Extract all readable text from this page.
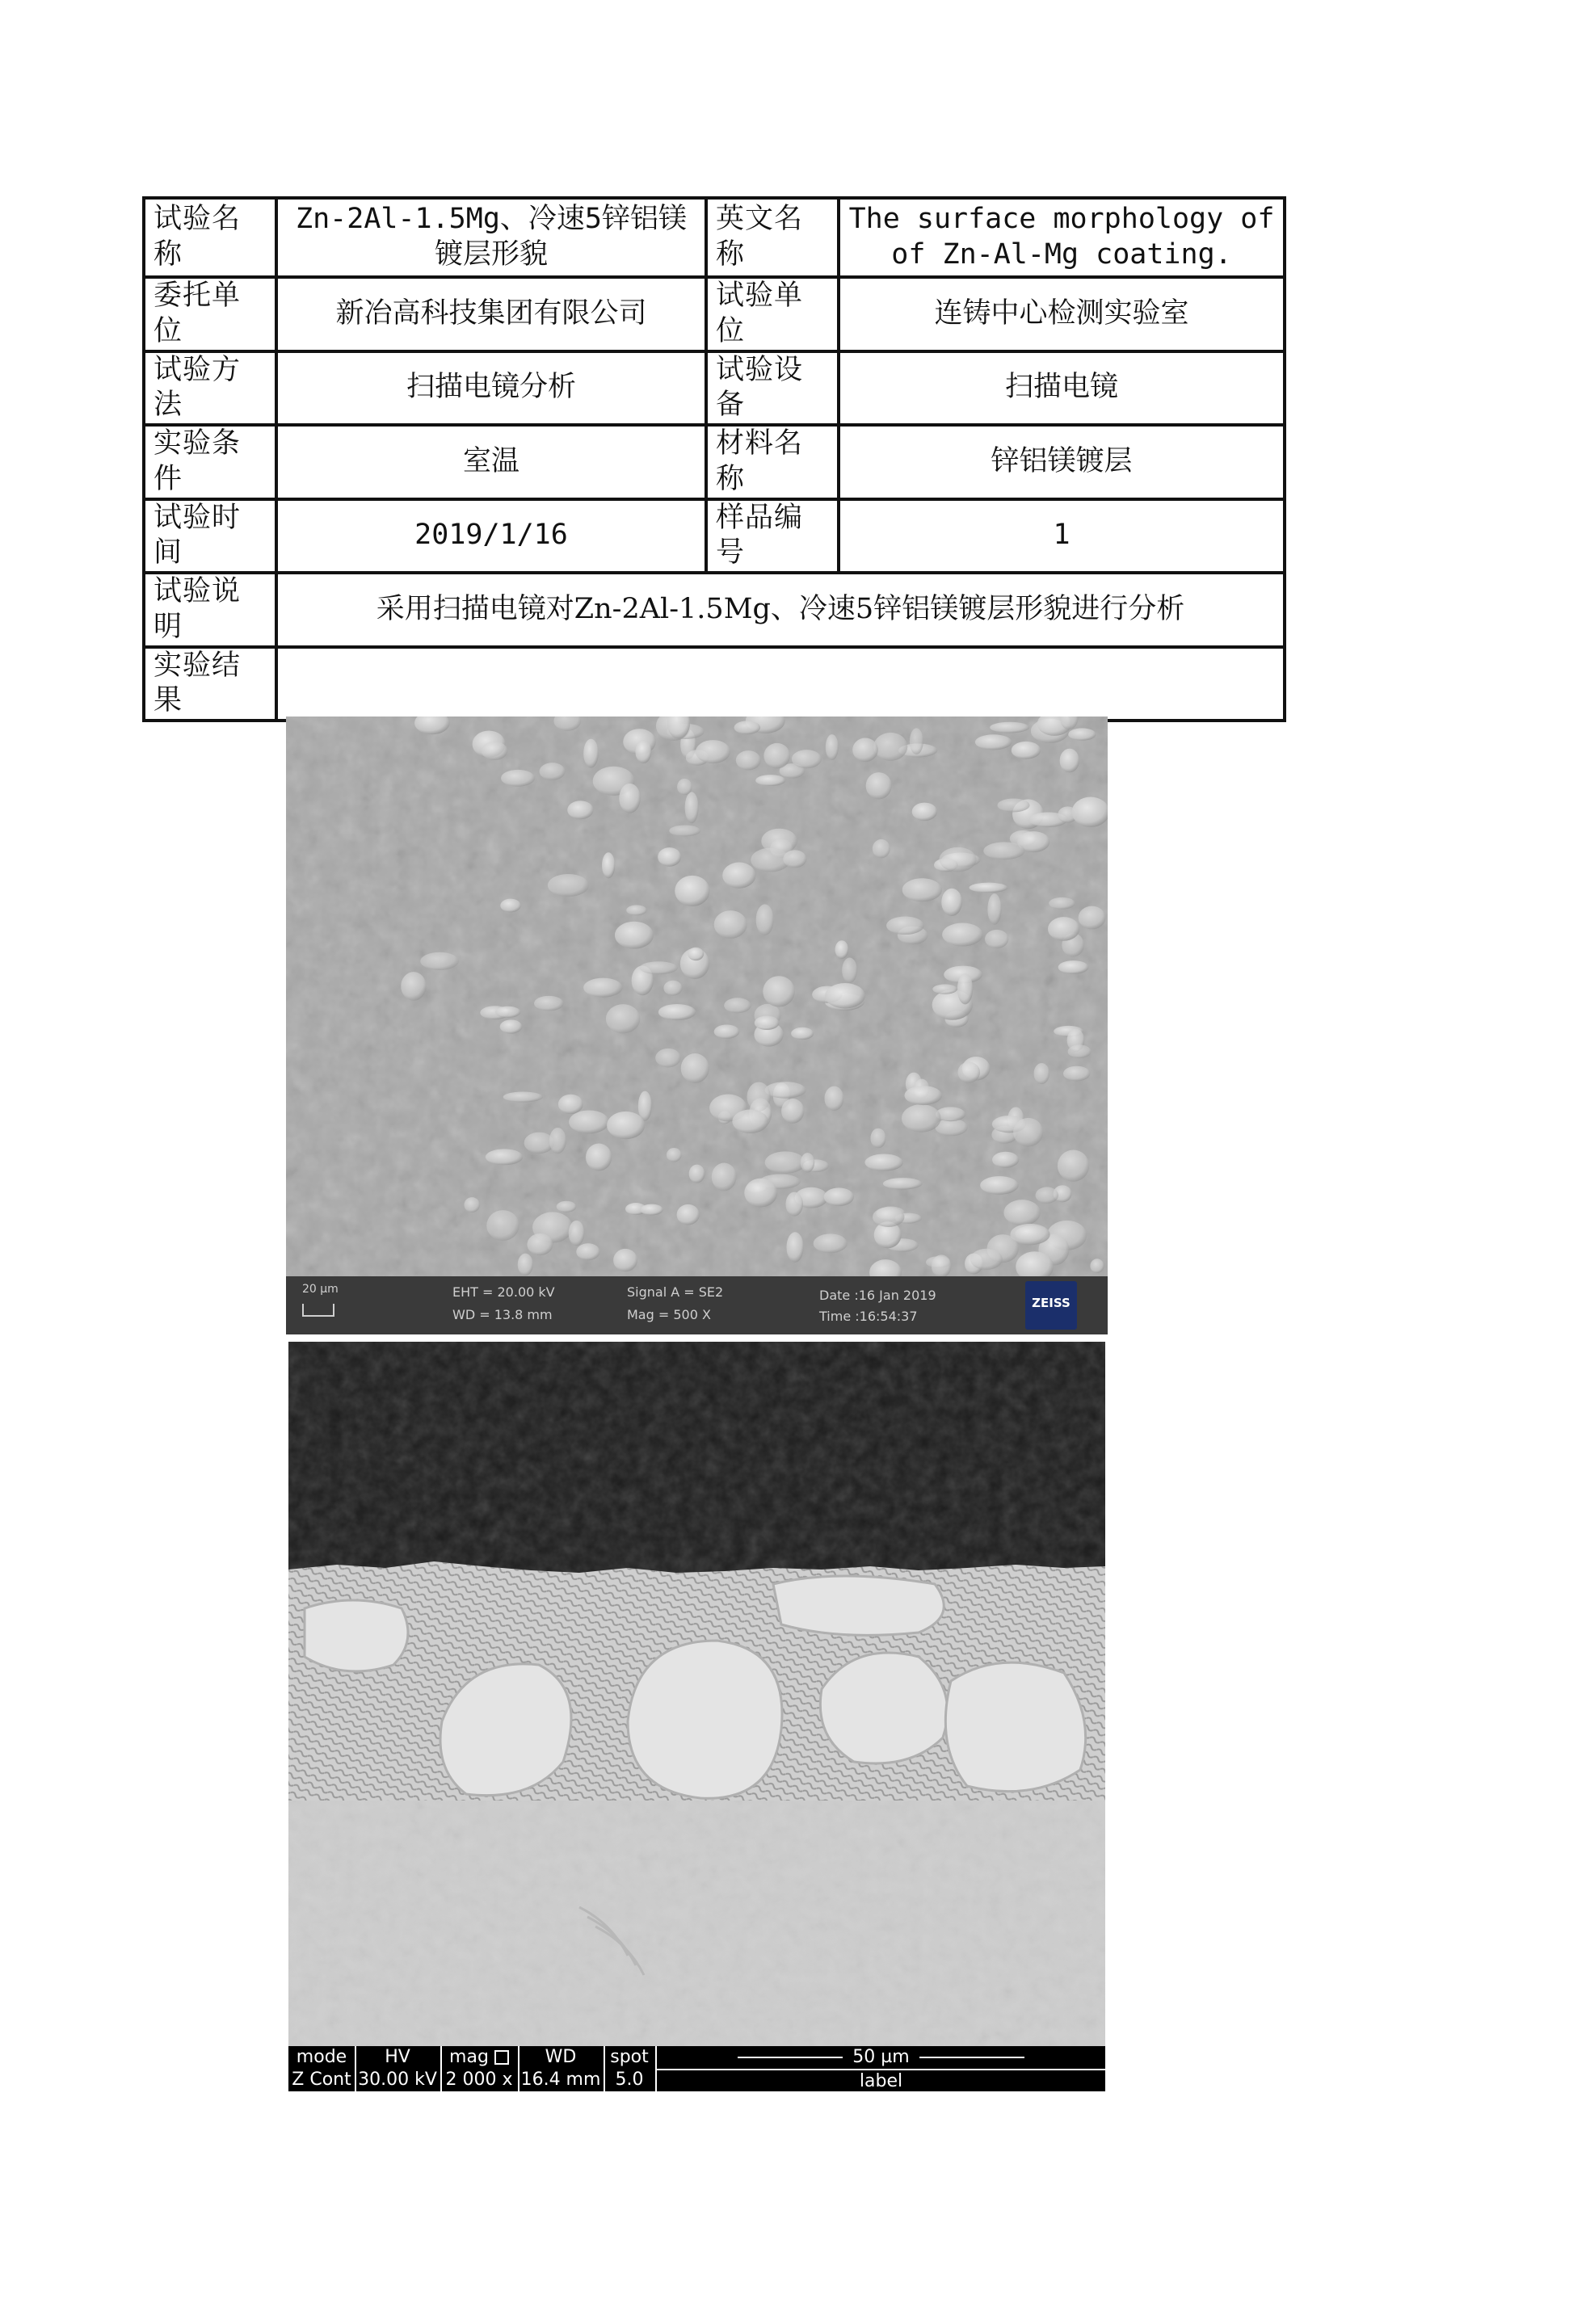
试验名称	Zn-2Al-1.5Mg、冷速5锌铝镁镀层形貌	英文名称	The surface morphology of of Zn-Al-Mg coating.
委托单位	新冶高科技集团有限公司	试验单位	连铸中心检测实验室
试验方法	扫描电镜分析	试验设备	扫描电镜
实验条件	室温	材料名称	锌铝镁镀层
试验时间	2019/1/16	样品编号	1
试验说明	采用扫描电镜对Zn-2Al-1.5Mg、冷速5锌铝镁镀层形貌进行分析		
实验结果			
20 µm	EHT = 20.00 kV
WD = 13.8 mm
Signal A = SE2
Mag = 500 X
Date :16 Jan 2019
Time :16:54:37
ZEISS
mode
Z Cont
HV
30.00 kV
mag
2 000 x
WD
16.4 mm
spot
5.0
50 µm
label
